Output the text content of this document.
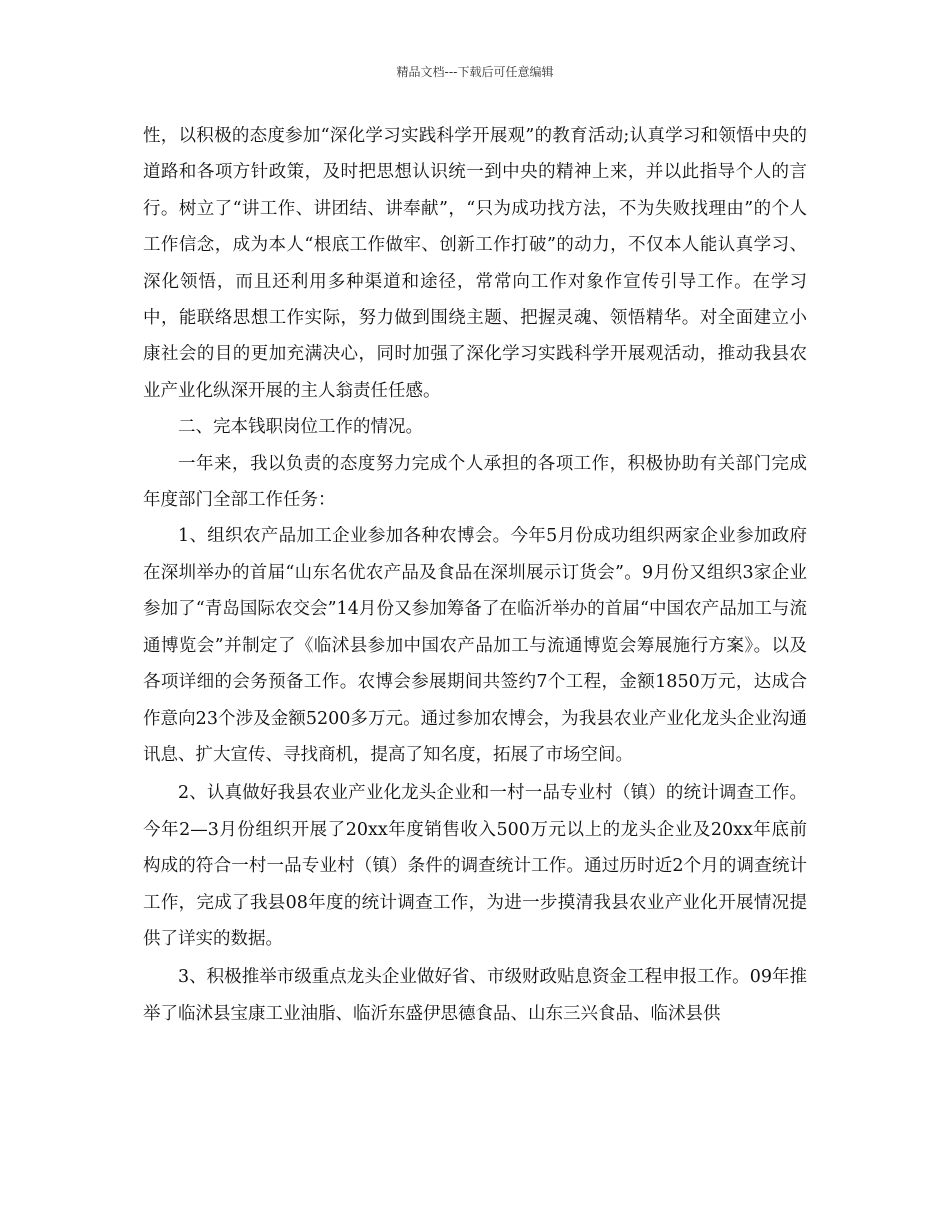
精品文档---下载后可任意编辑

性，以积极的态度参加“深化学习实践科学开展观”的教育活动;认真学习和领悟中央的道路和各项方针政策，及时把思想认识统一到中央的精神上来，并以此指导个人的言行。树立了“讲工作、讲团结、讲奉献”，“只为成功找方法，不为失败找理由”的个人工作信念，成为本人“根底工作做牢、创新工作打破”的动力，不仅本人能认真学习、深化领悟，而且还利用多种渠道和途径，常常向工作对象作宣传引导工作。在学习中，能联络思想工作实际，努力做到围绕主题、把握灵魂、领悟精华。对全面建立小康社会的目的更加充满决心，同时加强了深化学习实践科学开展观活动，推动我县农业产业化纵深开展的主人翁责任任感。

二、完本钱职岗位工作的情况。

一年来，我以负责的态度努力完成个人承担的各项工作，积极协助有关部门完成年度部门全部工作任务：

1、组织农产品加工企业参加各种农博会。今年5月份成功组织两家企业参加政府在深圳举办的首届“山东名优农产品及食品在深圳展示订货会”。9月份又组织3家企业参加了“青岛国际农交会”14月份又参加筹备了在临沂举办的首届“中国农产品加工与流通博览会”并制定了《临沭县参加中国农产品加工与流通博览会筹展施行方案》。以及各项详细的会务预备工作。农博会参展期间共签约7个工程，金额1850万元，达成合作意向23个涉及金额5200多万元。通过参加农博会，为我县农业产业化龙头企业沟通讯息、扩大宣传、寻找商机，提高了知名度，拓展了市场空间。

2、认真做好我县农业产业化龙头企业和一村一品专业村（镇）的统计调查工作。今年2—3月份组织开展了20xx年度销售收入500万元以上的龙头企业及20xx年底前构成的符合一村一品专业村（镇）条件的调查统计工作。通过历时近2个月的调查统计工作，完成了我县08年度的统计调查工作，为进一步摸清我县农业产业化开展情况提供了详实的数据。

3、积极推举市级重点龙头企业做好省、市级财政贴息资金工程申报工作。09年推举了临沭县宝康工业油脂、临沂东盛伊思德食品、山东三兴食品、临沭县供
